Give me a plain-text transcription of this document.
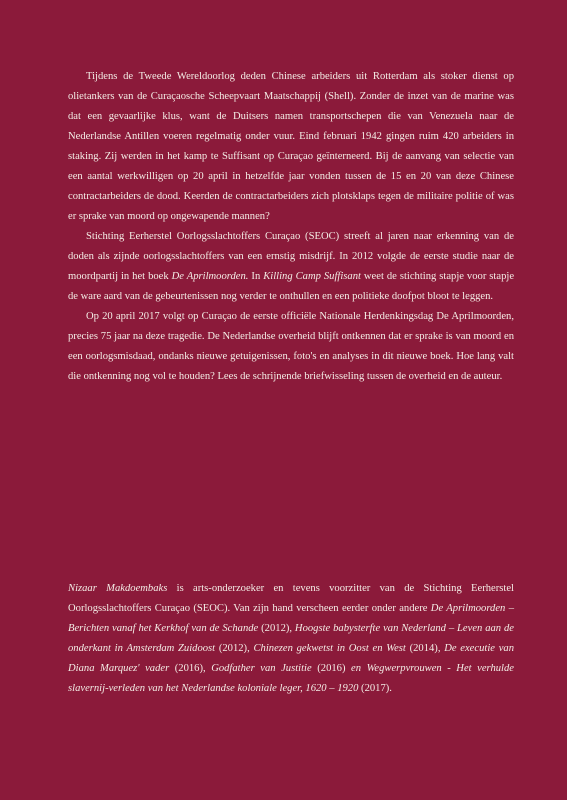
Tijdens de Tweede Wereldoorlog deden Chinese arbeiders uit Rotterdam als stoker dienst op olietankers van de Curaçaosche Scheepvaart Maatschappij (Shell). Zonder de inzet van de marine was dat een gevaarlijke klus, want de Duitsers namen transportschepen die van Venezuela naar de Nederlandse Antillen voeren regelmatig onder vuur. Eind februari 1942 gingen ruim 420 arbeiders in staking. Zij werden in het kamp te Suffisant op Curaçao geïnterneerd. Bij de aanvang van selectie van een aantal werkwilligen op 20 april in hetzelfde jaar vonden tussen de 15 en 20 van deze Chinese contractarbeiders de dood. Keerden de contractarbeiders zich plotsklaps tegen de militaire politie of was er sprake van moord op ongewapende mannen?

Stichting Eerherstel Oorlogsslachtoffers Curaçao (SEOC) streeft al jaren naar erkenning van de doden als zijnde oorlogsslachtoffers van een ernstig misdrijf. In 2012 volgde de eerste studie naar de moordpartij in het boek De Aprilmoorden. In Killing Camp Suffisant weet de stichting stapje voor stapje de ware aard van de gebeurtenissen nog verder te onthullen en een politieke doofpot bloot te leggen.

Op 20 april 2017 volgt op Curaçao de eerste officiële Nationale Herdenkingsdag De Aprilmoorden, precies 75 jaar na deze tragedie. De Nederlandse overheid blijft ontkennen dat er sprake is van moord en een oorlogsmisdaad, ondanks nieuwe getuigenissen, foto's en analyses in dit nieuwe boek. Hoe lang valt die ontkenning nog vol te houden? Lees de schrijnende briefwisseling tussen de overheid en de auteur.

Nizaar Makdoembaks is arts-onderzoeker en tevens voorzitter van de Stichting Eerherstel Oorlogsslachtoffers Curaçao (SEOC). Van zijn hand verscheen eerder onder andere De Aprilmoorden – Berichten vanaf het Kerkhof van de Schande (2012), Hoogste babysterfte van Nederland – Leven aan de onderkant in Amsterdam Zuidoost (2012), Chinezen gekwetst in Oost en West (2014), De executie van Diana Marquez' vader (2016), Godfather van Justitie (2016) en Wegwerpvrouwen - Het verhulde slavernij-verleden van het Nederlandse koloniale leger, 1620 – 1920 (2017).
